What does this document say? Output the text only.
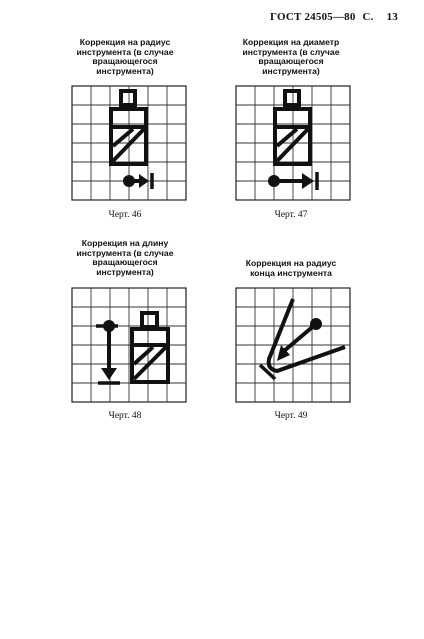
ГОСТ 24505—80 С. 13
Коррекция на радиус
инструмента (в случае
вращающегося
инструмента)
Черт. 46
Коррекция на диаметр
инструмента (в случае
вращающегося
инструмента)
Черт. 47
Коррекция на длину
инструмента (в случае
вращающегося
инструмента)
Черт. 48
Коррекция на радиус
конца инструмента
Черт. 49
